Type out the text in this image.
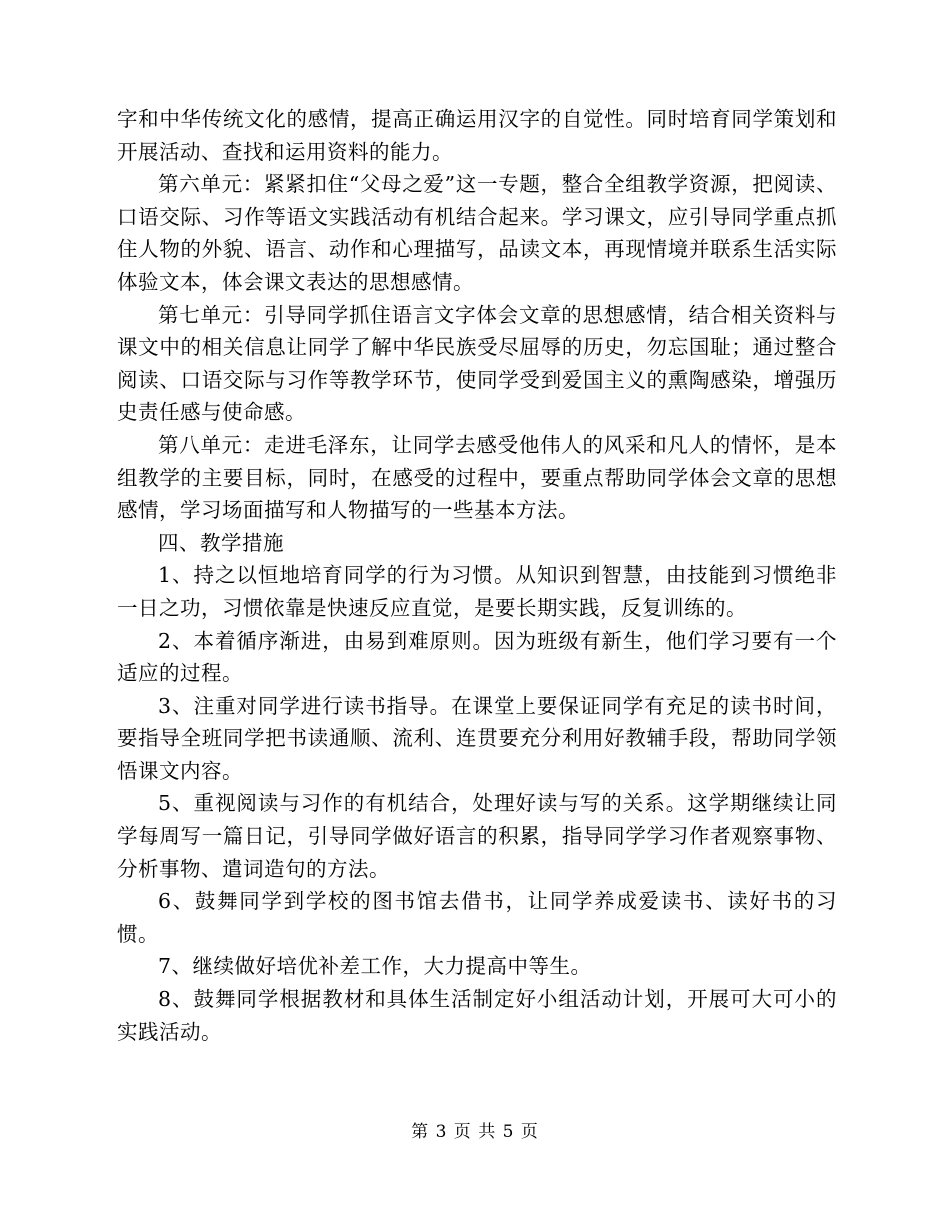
字和中华传统文化的感情，提高正确运用汉字的自觉性。同时培育同学策划和开展活动、查找和运用资料的能力。

第六单元：紧紧扣住“父母之爱”这一专题，整合全组教学资源，把阅读、口语交际、习作等语文实践活动有机结合起来。学习课文，应引导同学重点抓住人物的外貌、语言、动作和心理描写，品读文本，再现情境并联系生活实际体验文本，体会课文表达的思想感情。

第七单元：引导同学抓住语言文字体会文章的思想感情，结合相关资料与课文中的相关信息让同学了解中华民族受尽屈辱的历史，勿忘国耻；通过整合阅读、口语交际与习作等教学环节，使同学受到爱国主义的熏陶感染，增强历史责任感与使命感。

第八单元：走进毛泽东，让同学去感受他伟人的风采和凡人的情怀，是本组教学的主要目标，同时，在感受的过程中，要重点帮助同学体会文章的思想感情，学习场面描写和人物描写的一些基本方法。

四、教学措施

1、持之以恒地培育同学的行为习惯。从知识到智慧，由技能到习惯绝非一日之功，习惯依靠是快速反应直觉，是要长期实践，反复训练的。

2、本着循序渐进，由易到难原则。因为班级有新生，他们学习要有一个适应的过程。

3、注重对同学进行读书指导。在课堂上要保证同学有充足的读书时间，要指导全班同学把书读通顺、流利、连贯要充分利用好教辅手段，帮助同学领悟课文内容。

5、重视阅读与习作的有机结合，处理好读与写的关系。这学期继续让同学每周写一篇日记，引导同学做好语言的积累，指导同学学习作者观察事物、分析事物、遣词造句的方法。

6、鼓舞同学到学校的图书馆去借书，让同学养成爱读书、读好书的习惯。

7、继续做好培优补差工作，大力提高中等生。

8、鼓舞同学根据教材和具体生活制定好小组活动计划，开展可大可小的实践活动。

第 3 页 共 5 页
